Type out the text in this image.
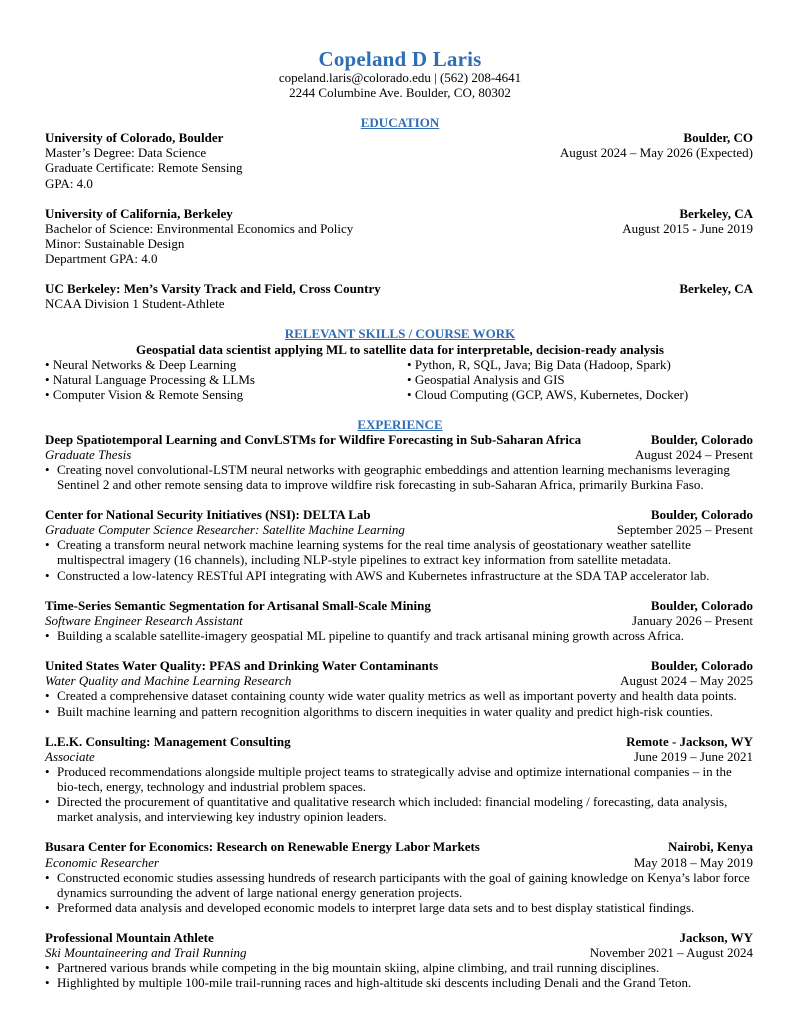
Copeland D Laris
copeland.laris@colorado.edu | (562) 208-4641
2244 Columbine Ave. Boulder, CO, 80302
EDUCATION
University of Colorado, Boulder	Boulder, CO
Master’s Degree: Data Science	August 2024 – May 2026 (Expected)
Graduate Certificate: Remote Sensing
GPA: 4.0
University of California, Berkeley	Berkeley, CA
Bachelor of Science: Environmental Economics and Policy	August 2015 - June 2019
Minor: Sustainable Design
Department GPA: 4.0
UC Berkeley: Men’s Varsity Track and Field, Cross Country	Berkeley, CA
NCAA Division 1 Student-Athlete
RELEVANT SKILLS / COURSE WORK
Geospatial data scientist applying ML to satellite data for interpretable, decision-ready analysis
• Neural Networks & Deep Learning
• Natural Language Processing & LLMs
• Computer Vision & Remote Sensing
• Python, R, SQL, Java; Big Data (Hadoop, Spark)
• Geospatial Analysis and GIS
• Cloud Computing (GCP, AWS, Kubernetes, Docker)
EXPERIENCE
Deep Spatiotemporal Learning and ConvLSTMs for Wildfire Forecasting in Sub-Saharan Africa	Boulder, Colorado
Graduate Thesis	August 2024 – Present
• Creating novel convolutional-LSTM neural networks with geographic embeddings and attention learning mechanisms leveraging Sentinel 2 and other remote sensing data to improve wildfire risk forecasting in sub-Saharan Africa, primarily Burkina Faso.
Center for National Security Initiatives (NSI): DELTA Lab	Boulder, Colorado
Graduate Computer Science Researcher: Satellite Machine Learning	September 2025 – Present
• Creating a transform neural network machine learning systems for the real time analysis of geostationary weather satellite multispectral imagery (16 channels), including NLP-style pipelines to extract key information from satellite metadata.
• Constructed a low-latency RESTful API integrating with AWS and Kubernetes infrastructure at the SDA TAP accelerator lab.
Time-Series Semantic Segmentation for Artisanal Small-Scale Mining	Boulder, Colorado
Software Engineer Research Assistant	January 2026 – Present
• Building a scalable satellite-imagery geospatial ML pipeline to quantify and track artisanal mining growth across Africa.
United States Water Quality: PFAS and Drinking Water Contaminants	Boulder, Colorado
Water Quality and Machine Learning Research	August 2024 – May 2025
• Created a comprehensive dataset containing county wide water quality metrics as well as important poverty and health data points.
• Built machine learning and pattern recognition algorithms to discern inequities in water quality and predict high-risk counties.
L.E.K. Consulting: Management Consulting	Remote - Jackson, WY
Associate	June 2019 – June 2021
• Produced recommendations alongside multiple project teams to strategically advise and optimize international companies – in the bio-tech, energy, technology and industrial problem spaces.
• Directed the procurement of quantitative and qualitative research which included: financial modeling / forecasting, data analysis, market analysis, and interviewing key industry opinion leaders.
Busara Center for Economics: Research on Renewable Energy Labor Markets	Nairobi, Kenya
Economic Researcher	May 2018 – May 2019
• Constructed economic studies assessing hundreds of research participants with the goal of gaining knowledge on Kenya’s labor force dynamics surrounding the advent of large national energy generation projects.
• Preformed data analysis and developed economic models to interpret large data sets and to best display statistical findings.
Professional Mountain Athlete	Jackson, WY
Ski Mountaineering and Trail Running	November 2021 – August 2024
• Partnered various brands while competing in the big mountain skiing, alpine climbing, and trail running disciplines.
• Highlighted by multiple 100-mile trail-running races and high-altitude ski descents including Denali and the Grand Teton.
